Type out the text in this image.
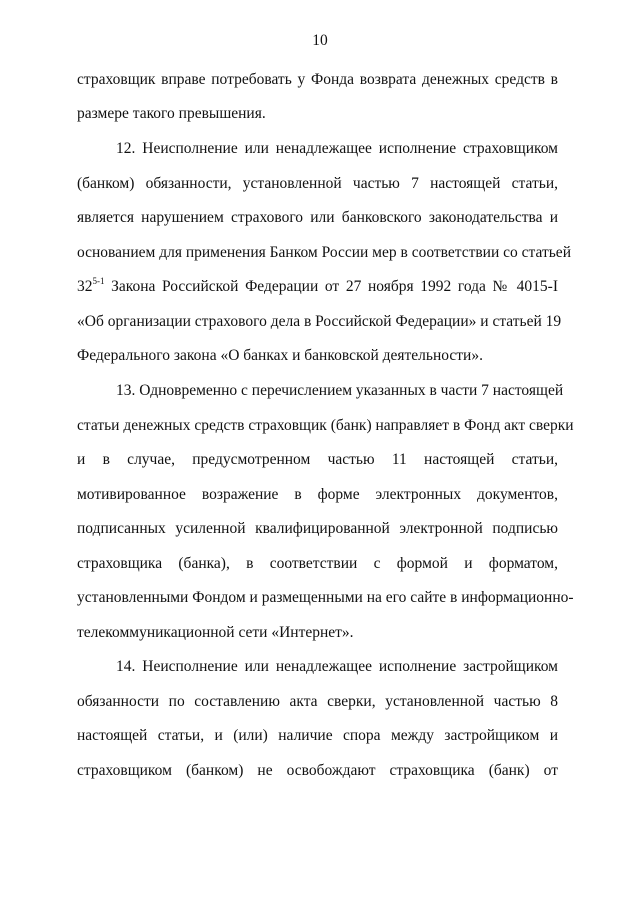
10
страховщик вправе потребовать у Фонда возврата денежных средств в
размере такого превышения.
12. Неисполнение или ненадлежащее исполнение страховщиком
(банком) обязанности, установленной частью 7 настоящей статьи,
является нарушением страхового или банковского законодательства и
основанием для применения Банком России мер в соответствии со статьей
32$^{5-1}$ Закона Российской Федерации от 27 ноября 1992 года № 4015-I
«Об организации страхового дела в Российской Федерации» и статьей 19
Федерального закона «О банках и банковской деятельности».
13. Одновременно с перечислением указанных в части 7 настоящей
статьи денежных средств страховщик (банк) направляет в Фонд акт сверки
и в случае, предусмотренном частью 11 настоящей статьи,
мотивированное возражение в форме электронных документов,
подписанных усиленной квалифицированной электронной подписью
страховщика (банка), в соответствии с формой и форматом,
установленными Фондом и размещенными на его сайте в информационно-
телекоммуникационной сети «Интернет».
14. Неисполнение или ненадлежащее исполнение застройщиком
обязанности по составлению акта сверки, установленной частью 8
настоящей статьи, и (или) наличие спора между застройщиком и
страховщиком (банком) не освобождают страховщика (банк) от
